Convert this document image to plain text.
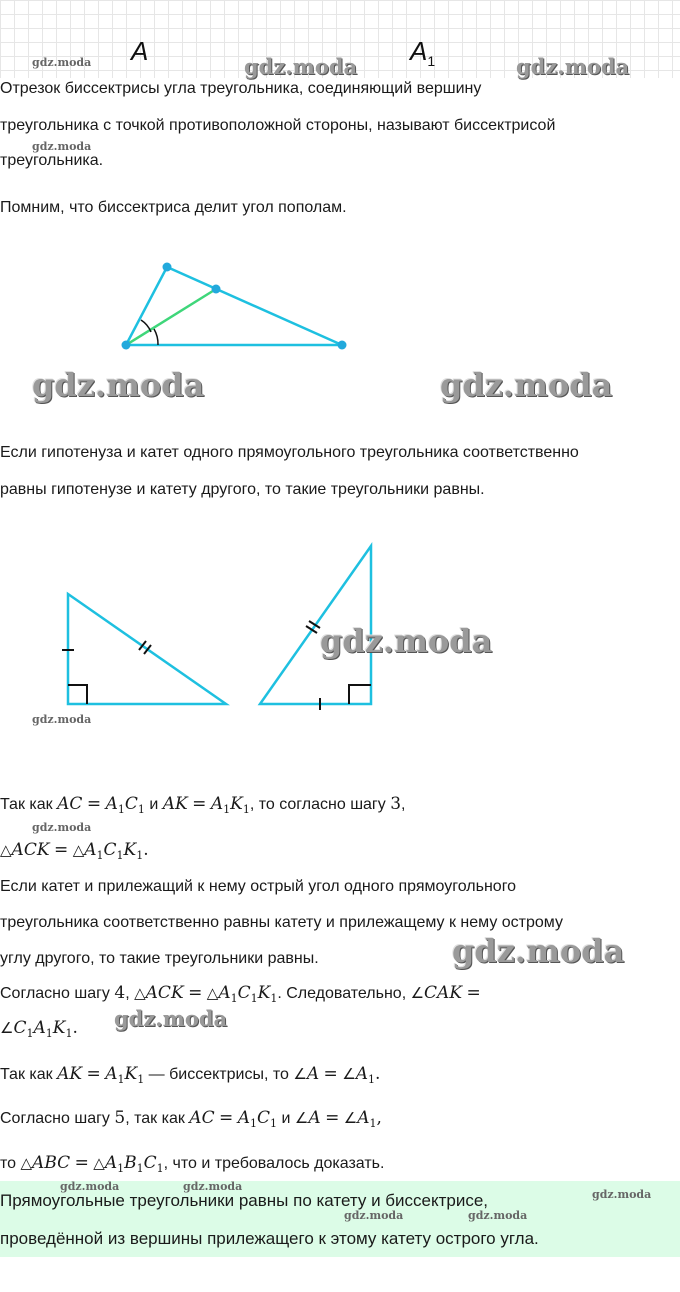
A	$A_1$
Отрезок биссектрисы угла треугольника, соединяющий вершину
треугольника с точкой противоположной стороны, называют биссектрисой
треугольника.
Помним, что биссектриса делит угол пополам.
Если гипотенуза и катет одного прямоугольного треугольника соответственно
равны гипотенузе и катету другого, то такие треугольники равны.
Так как AC = $A_1C_1$ и AK = $A_1K_1$, то согласно шагу 3,
△ACK = $\triangle A_1C_1K_1$.
Если катет и прилежащий к нему острый угол одного прямоугольного
треугольника соответственно равны катету и прилежащему к нему острому
углу другого, то такие треугольники равны.
Согласно шагу 4, △ACK = $\triangle A_1C_1K_1$. Следовательно, ∠CAK =
$\angle C_1A_1K_1$.
Так как AK = $A_1K_1$ — биссектрисы, то ∠A = $\angle A_1$.
Согласно шагу 5, так как AC = $A_1C_1$ и ∠A = $\angle A_1$,
то △ABC = $\triangle A_1B_1C_1$, что и требовалось доказать.
Прямоугольные треугольники равны по катету и биссектрисе,
проведённой из вершины прилежащего к этому катету острого угла.
gdz.moda	gdz.moda	gdz.moda
gdz.moda
gdz.moda	gdz.moda
gdz.moda
gdz.moda
gdz.moda
gdz.moda
gdz.moda
gdz.moda	gdz.moda
gdz.moda
gdz.moda	gdz.moda
